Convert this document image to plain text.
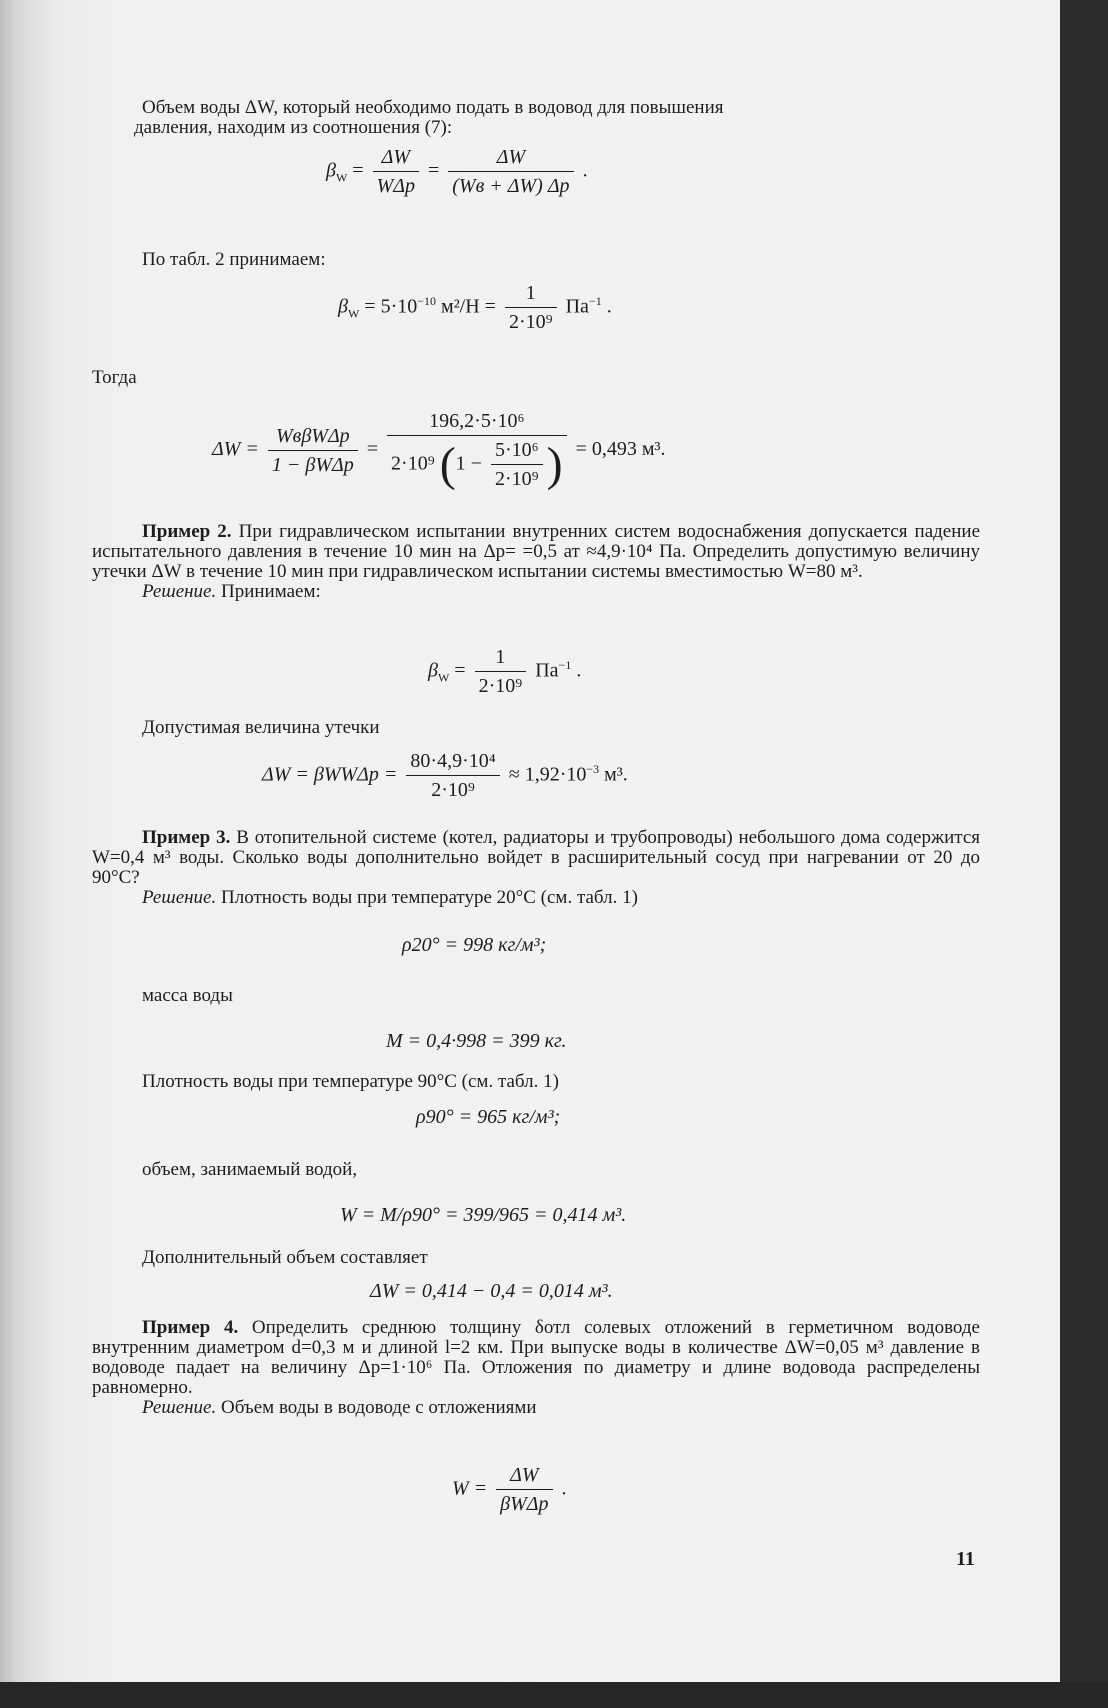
Объем воды ΔW, который необходимо подать в водовод для повышения

давления, находим из соотношения (7):

$\beta_W = \frac{\Delta W}{\text{WΔp}} = \frac{\Delta W}{(Wв + \Delta W) \Delta p}$ .
По табл. 2 принимаем:
$\beta_W = 5\cdot 10^{-10}$ $м^2/Н = \frac{1}{\text{2·10⁹}} Па^{-1}$ .
Тогда
$\Delta W = \frac{\text{WвβWΔp}}{\text{1 − βWΔp}} = \frac{\text{196,2·5·10⁶}}{2\cdot 10^9 (1 - \frac{\text{5·10⁶}}{\text{2·10⁹}} )} = 0,493$ м³.

Пример 2. При гидравлическом испытании внутренних систем водоснабжения допускается падение испытательного давления в течение 10 мин на Δp= =0,5 ат ≈4,9·10⁴ Па. Определить допустимую величину утечки ΔW в течение 10 мин при гидравлическом испытании системы вместимостью W=80 м³.

Решение. Принимаем:

$\beta_W = \frac{1}{\text{2·10⁹}} Па^{-1}$ .
Допустимая величина утечки
$\Delta W = \beta WW\Delta p = \frac{\text{80·4,9·10⁴}}{\text{2·10⁹}} \approx 1,92\cdot 10^{-3}$ м³.

Пример 3. В отопительной системе (котел, радиаторы и трубопроводы) небольшого дома содержится W=0,4 м³ воды. Сколько воды дополнительно войдет в расширительный сосуд при нагревании от 20 до 90°С?

Решение. Плотность воды при температуре 20°С (см. табл. 1)

ρ20° = 998 кг/м³;
масса воды
M = 0,4·998 = 399 кг.
Плотность воды при температуре 90°С (см. табл. 1)
ρ90° = 965 кг/м³;
объем, занимаемый водой,
W = M/ρ90° = 399/965 = 0,414 м³.
Дополнительный объем составляет
ΔW = 0,414 − 0,4 = 0,014 м³.

Пример 4. Определить среднюю толщину δотл солевых отложений в герметичном водоводе внутренним диаметром d=0,3 м и длиной l=2 км. При выпуске воды в количестве ΔW=0,05 м³ давление в водоводе падает на величину Δp=1·10⁶ Па. Отложения по диаметру и длине водовода распределены равномерно.

Решение. Объем воды в водоводе с отложениями

$W = \frac{\Delta W}{\text{βWΔp}}$ .
11
